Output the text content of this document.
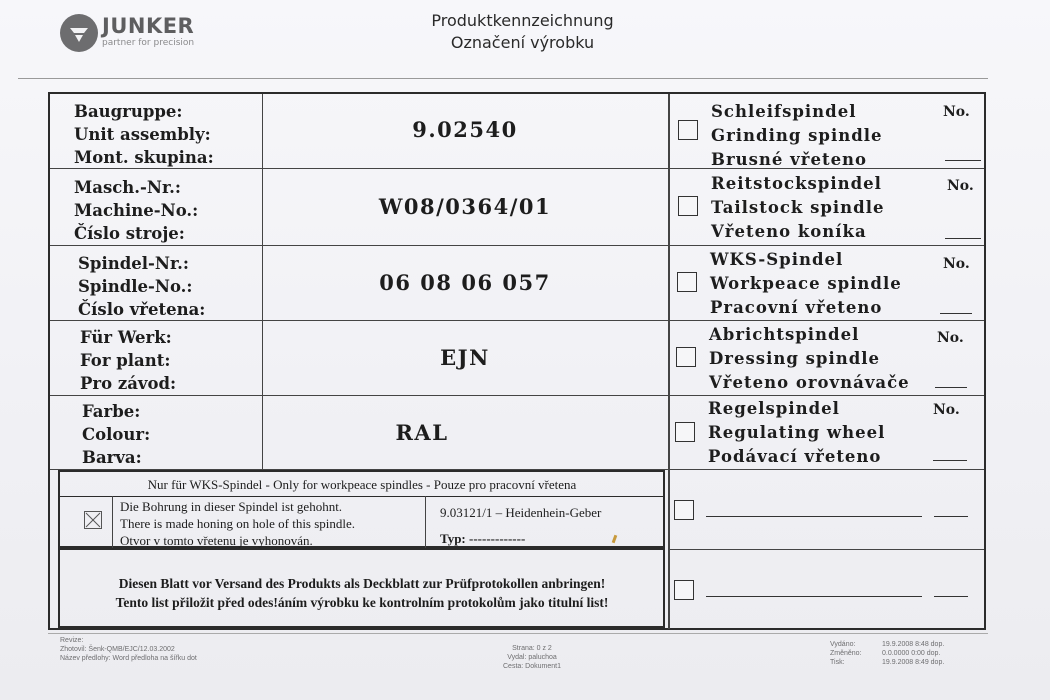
JUNKER
partner for precision
Produktkennzeichnung
Označení výrobku
Baugruppe:
Unit assembly:
Mont. skupina:
9.02540
Schleifspindel
Grinding spindle
Brusné vřeteno
No.
Masch.-Nr.:
Machine-No.:
Číslo stroje:
W08/0364/01
Reitstockspindel
Tailstock spindle
Vřeteno koníka
No.
Spindel-Nr.:
Spindle-No.:
Číslo vřetena:
06 08 06 057
WKS-Spindel
Workpeace spindle
Pracovní vřeteno
No.
Für Werk:
For plant:
Pro závod:
EJN
Abrichtspindel
Dressing spindle
Vřeteno orovnávače
No.
Farbe:
Colour:
Barva:
RAL
Regelspindel
Regulating wheel
Podávací vřeteno
No.
Nur für WKS-Spindel - Only for workpeace spindles - Pouze pro pracovní vřetena
Die Bohrung in dieser Spindel ist gehohnt.
There is made honing on hole of this spindle.
Otvor v tomto vřetenu je vyhonován.
9.03121/1 – Heidenhein-Geber
Typ: -------------
Diesen Blatt vor Versand des Produkts als Deckblatt zur Prüfprotokollen anbringen!
Tento list přiložit před odes!áním výrobku ke kontrolním protokolům jako titulní list!
Revize:
Zhotovil: Šenk-QMB/EJC/12.03.2002
Název předlohy: Word předloha na šířku dot
Strana: 0 z 2
Vydal: paluchoa
Cesta: Dokument1
Vydáno:
Změněno:
Tisk:
19.9.2008 8:48 dop.
0.0.0000 0:00 dop.
19.9.2008 8:49 dop.
